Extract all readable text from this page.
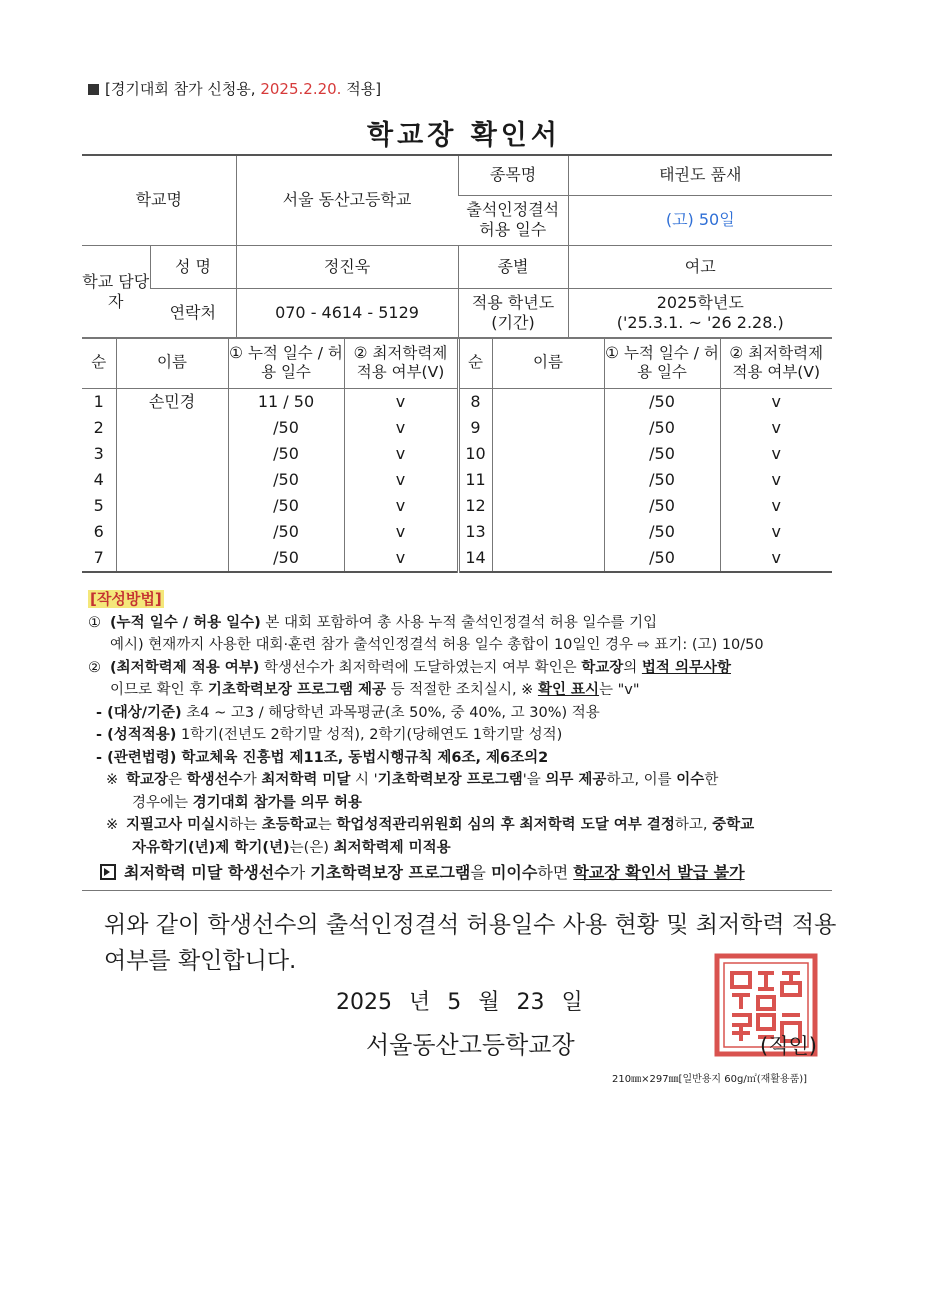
[경기대회 참가 신청용, 2025.2.20. 적용]
학교장 확인서
학교명		서울 동산고등학교	종목명	태권도 품새
			출석인정결석 허용 일수	(고) 50일
학교 담당자	성 명	정진욱	종별	여고
	연락처	070 - 4614 - 5129	적용 학년도 (기간)	2025학년도
('25.3.1. ~ '26 2.28.)
순	이름	① 누적 일수 / 허용 일수	② 최저학력제 적용 여부(V)	순	이름	① 누적 일수 / 허용 일수	② 최저학력제 적용 여부(V)
1	손민경	11 / 50	v	8		/50	v
2		/50	v	9		/50	v
3		/50	v	10		/50	v
4		/50	v	11		/50	v
5		/50	v	12		/50	v
6		/50	v	13		/50	v
7		/50	v	14		/50	v

[작성방법]

① (누적 일수 / 허용 일수) 본 대회 포함하여 총 사용 누적 출석인정결석 허용 일수를 기입

예시) 현재까지 사용한 대회·훈련 참가 출석인정결석 허용 일수 총합이 10일인 경우 ⇨ 표기: (고) 10/50

② (최저학력제 적용 여부) 학생선수가 최저학력에 도달하였는지 여부 확인은 학교장의 법적 의무사항

이므로 확인 후 기초학력보장 프로그램 제공 등 적절한 조치실시, ※ 확인 표시는 "v"

- (대상/기준) 초4 ~ 고3 / 해당학년 과목평균(초 50%, 중 40%, 고 30%) 적용

- (성적적용) 1학기(전년도 2학기말 성적), 2학기(당해연도 1학기말 성적)

- (관련법령) 학교체육 진흥법 제11조, 동법시행규칙 제6조, 제6조의2

※ 학교장은 학생선수가 최저학력 미달 시 '기초학력보장 프로그램'을 의무 제공하고, 이를 이수한

경우에는 경기대회 참가를 의무 허용

※ 지필고사 미실시하는 초등학교는 학업성적관리위원회 심의 후 최저학력 도달 여부 결정하고, 중학교

자유학기(년)제 학기(년)는(은) 최저학력제 미적용

최저학력 미달 학생선수가 기초학력보장 프로그램을 미이수하면 학교장 확인서 발급 불가
위와 같이 학생선수의 출석인정결석 허용일수 사용 현황 및 최저학력 적용 여부를 확인합니다.
2025 년 5 월 23 일
서울동산고등학교장	(직인)
210㎜×297㎜[일반용지 60g/㎡(재활용품)]
